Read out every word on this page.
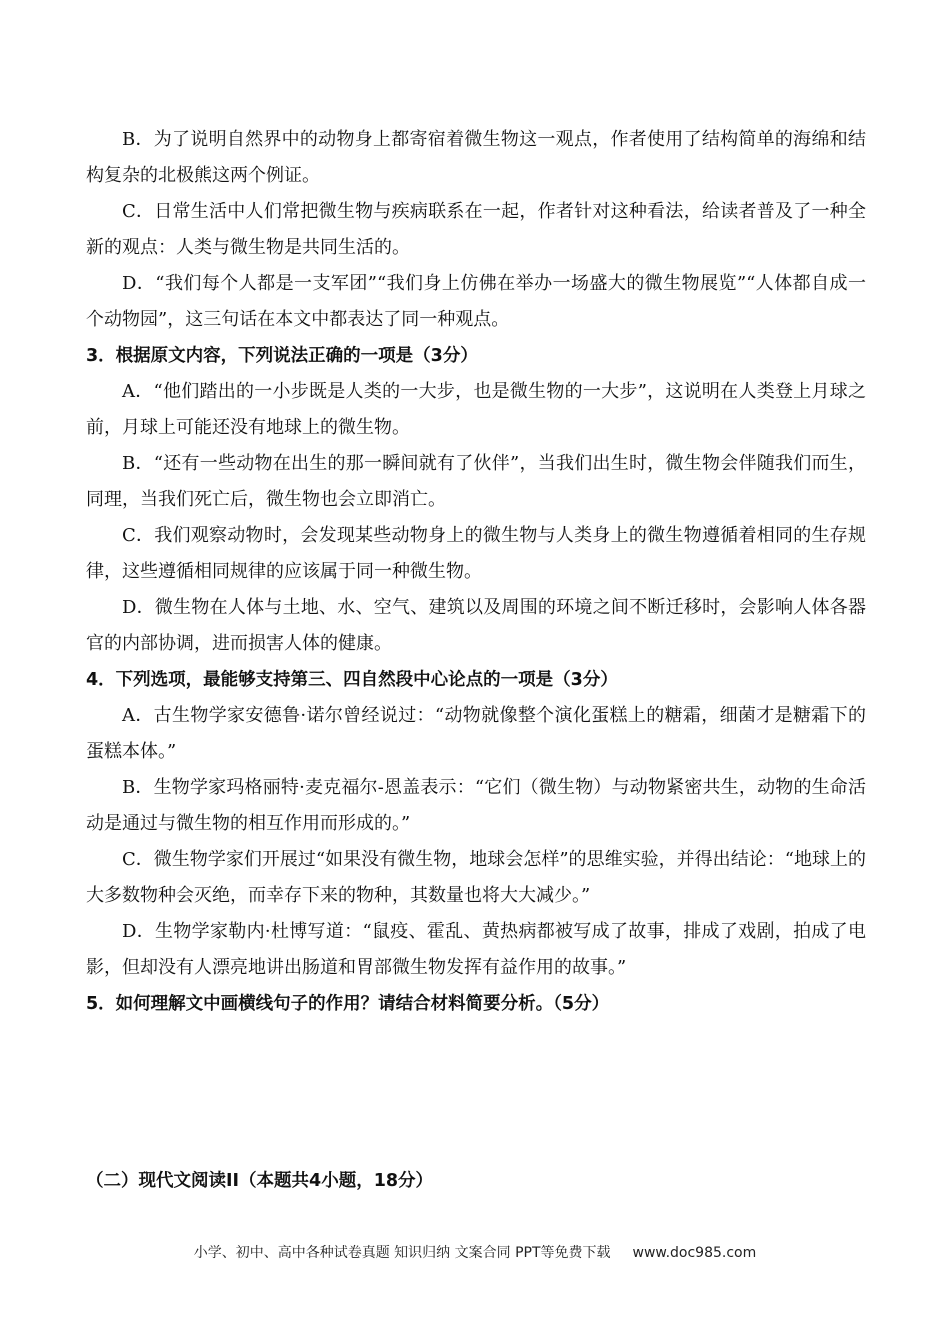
B．为了说明自然界中的动物身上都寄宿着微生物这一观点，作者使用了结构简单的海绵和结构复杂的北极熊这两个例证。

C．日常生活中人们常把微生物与疾病联系在一起，作者针对这种看法，给读者普及了一种全新的观点：人类与微生物是共同生活的。

D．“我们每个人都是一支军团”“我们身上仿佛在举办一场盛大的微生物展览”“人体都自成一个动物园”，这三句话在本文中都表达了同一种观点。

3．根据原文内容，下列说法正确的一项是（3分）

A．“他们踏出的一小步既是人类的一大步，也是微生物的一大步”，这说明在人类登上月球之前，月球上可能还没有地球上的微生物。

B．“还有一些动物在出生的那一瞬间就有了伙伴”，当我们出生时，微生物会伴随我们而生，同理，当我们死亡后，微生物也会立即消亡。

C．我们观察动物时，会发现某些动物身上的微生物与人类身上的微生物遵循着相同的生存规律，这些遵循相同规律的应该属于同一种微生物。

D．微生物在人体与土地、水、空气、建筑以及周围的环境之间不断迁移时，会影响人体各器官的内部协调，进而损害人体的健康。

4．下列选项，最能够支持第三、四自然段中心论点的一项是（3分）

A．古生物学家安德鲁·诺尔曾经说过：“动物就像整个演化蛋糕上的糖霜，细菌才是糖霜下的蛋糕本体。”

B．生物学家玛格丽特·麦克福尔-恩盖表示：“它们（微生物）与动物紧密共生，动物的生命活动是通过与微生物的相互作用而形成的。”

C．微生物学家们开展过“如果没有微生物，地球会怎样”的思维实验，并得出结论：“地球上的大多数物种会灭绝，而幸存下来的物种，其数量也将大大减少。”

D．生物学家勒内·杜博写道：“鼠疫、霍乱、黄热病都被写成了故事，排成了戏剧，拍成了电影，但却没有人漂亮地讲出肠道和胃部微生物发挥有益作用的故事。”

5．如何理解文中画横线句子的作用？请结合材料简要分析。（5分）

（二）现代文阅读II（本题共4小题，18分）
小学、初中、高中各种试卷真题 知识归纳 文案合同 PPT等免费下载 www.doc985.com
